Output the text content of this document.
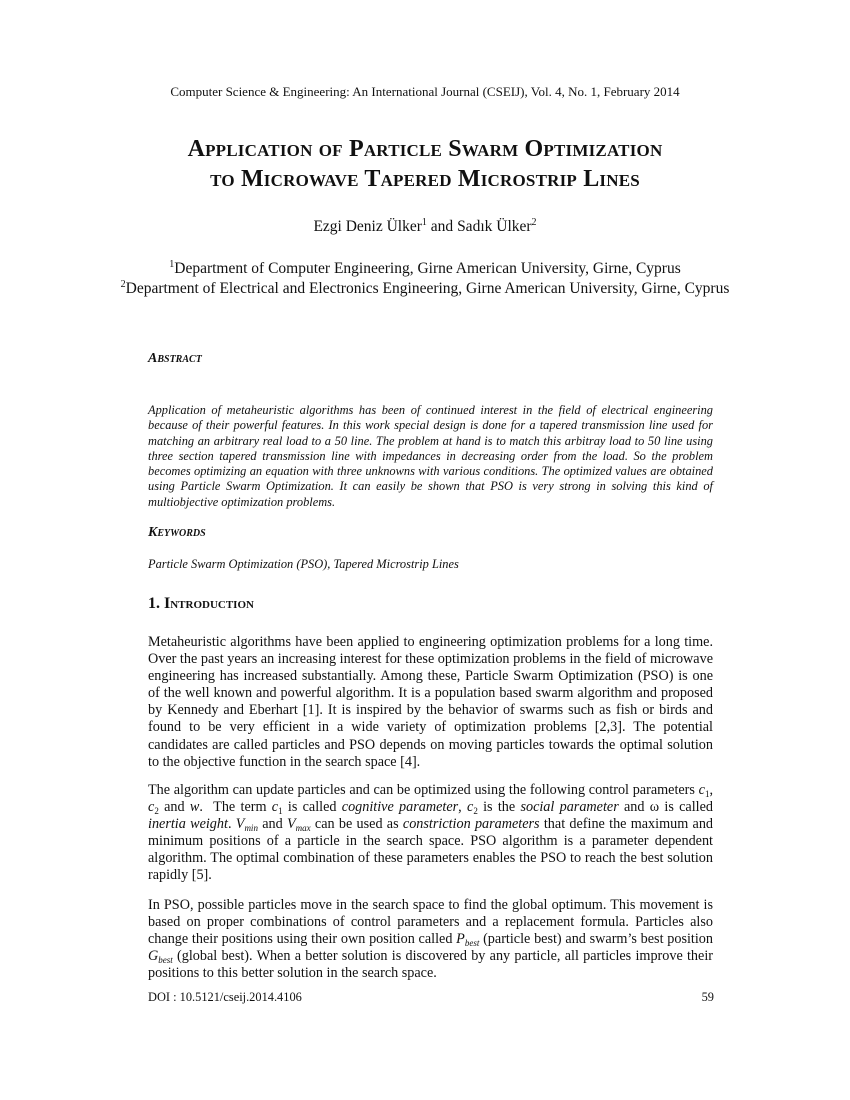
Computer Science & Engineering: An International Journal (CSEIJ), Vol. 4, No. 1, February 2014
Application of Particle Swarm Optimization
to Microwave Tapered Microstrip Lines
Ezgi Deniz Ülker$^1$ and Sadık Ülker$^2$
$^1$Department of Computer Engineering, Girne American University, Girne, Cyprus
$^2$Department of Electrical and Electronics Engineering, Girne American University, Girne, Cyprus
Abstract
Application of metaheuristic algorithms has been of continued interest in the field of electrical engineering because of their powerful features. In this work special design is done for a tapered transmission line used for matching an arbitrary real load to a 50 line. The problem at hand is to match this arbitray load to 50 line using three section tapered transmission line with impedances in decreasing order from the load. So the problem becomes optimizing an equation with three unknowns with various conditions. The optimized values are obtained using Particle Swarm Optimization. It can easily be shown that PSO is very strong in solving this kind of multiobjective optimization problems.
Keywords
Particle Swarm Optimization (PSO), Tapered Microstrip Lines
1. Introduction
Metaheuristic algorithms have been applied to engineering optimization problems for a long time. Over the past years an increasing interest for these optimization problems in the field of microwave engineering has increased substantially. Among these, Particle Swarm Optimization (PSO) is one of the well known and powerful algorithm. It is a population based swarm algorithm and proposed by Kennedy and Eberhart [1]. It is inspired by the behavior of swarms such as fish or birds and found to be very efficient in a wide variety of optimization problems [2,3]. The potential candidates are called particles and PSO depends on moving particles towards the optimal solution to the objective function in the search space [4].
The algorithm can update particles and can be optimized using the following control parameters $c_1$, $c_2$ and w.  The term $c_1$ is called cognitive parameter, $c_2$ is the social parameter and ω is called inertia weight. $V_{min}$ and $V_{max}$ can be used as constriction parameters that define the maximum and minimum positions of a particle in the search space. PSO algorithm is a parameter dependent algorithm. The optimal combination of these parameters enables the PSO to reach the best solution rapidly [5].
In PSO, possible particles move in the search space to find the global optimum. This movement is based on proper combinations of control parameters and a replacement formula. Particles also change their positions using their own position called $P_{best}$ (particle best) and swarm’s best position $G_{best}$ (global best). When a better solution is discovered by any particle, all particles improve their positions to this better solution in the search space.
DOI : 10.5121/cseij.2014.4106	59
